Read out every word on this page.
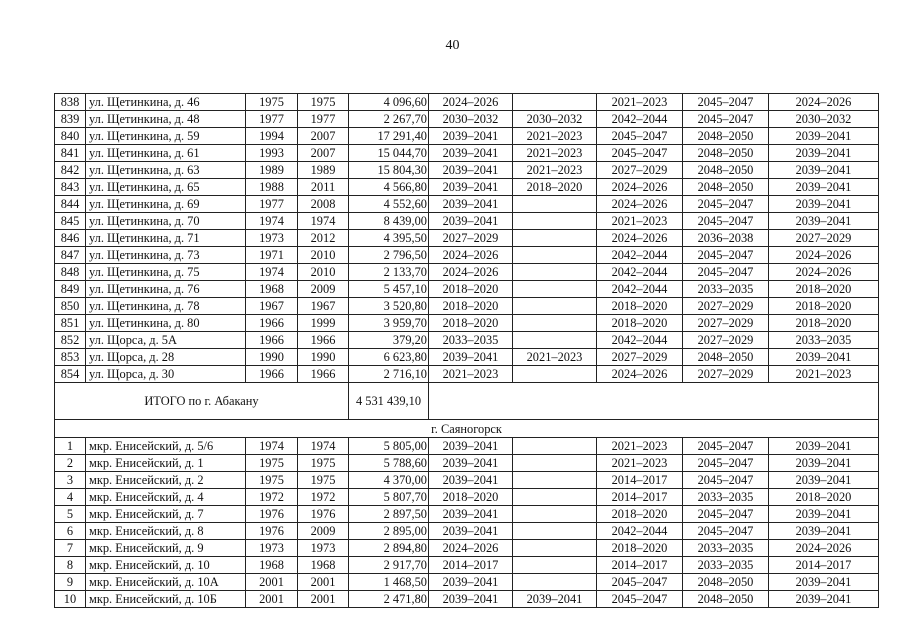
40
838	ул. Щетинкина, д. 46	1975	1975	4 096,60	2024–2026		2021–2023	2045–2047	2024–2026
839	ул. Щетинкина, д. 48	1977	1977	2 267,70	2030–2032	2030–2032	2042–2044	2045–2047	2030–2032
840	ул. Щетинкина, д. 59	1994	2007	17 291,40	2039–2041	2021–2023	2045–2047	2048–2050	2039–2041
841	ул. Щетинкина, д. 61	1993	2007	15 044,70	2039–2041	2021–2023	2045–2047	2048–2050	2039–2041
842	ул. Щетинкина, д. 63	1989	1989	15 804,30	2039–2041	2021–2023	2027–2029	2048–2050	2039–2041
843	ул. Щетинкина, д. 65	1988	2011	4 566,80	2039–2041	2018–2020	2024–2026	2048–2050	2039–2041
844	ул. Щетинкина, д. 69	1977	2008	4 552,60	2039–2041		2024–2026	2045–2047	2039–2041
845	ул. Щетинкина, д. 70	1974	1974	8 439,00	2039–2041		2021–2023	2045–2047	2039–2041
846	ул. Щетинкина, д. 71	1973	2012	4 395,50	2027–2029		2024–2026	2036–2038	2027–2029
847	ул. Щетинкина, д. 73	1971	2010	2 796,50	2024–2026		2042–2044	2045–2047	2024–2026
848	ул. Щетинкина, д. 75	1974	2010	2 133,70	2024–2026		2042–2044	2045–2047	2024–2026
849	ул. Щетинкина, д. 76	1968	2009	5 457,10	2018–2020		2042–2044	2033–2035	2018–2020
850	ул. Щетинкина, д. 78	1967	1967	3 520,80	2018–2020		2018–2020	2027–2029	2018–2020
851	ул. Щетинкина, д. 80	1966	1999	3 959,70	2018–2020		2018–2020	2027–2029	2018–2020
852	ул. Щорса, д. 5А	1966	1966	379,20	2033–2035		2042–2044	2027–2029	2033–2035
853	ул. Щорса, д. 28	1990	1990	6 623,80	2039–2041	2021–2023	2027–2029	2048–2050	2039–2041
854	ул. Щорса, д. 30	1966	1966	2 716,10	2021–2023		2024–2026	2027–2029	2021–2023
ИТОГО по г. Абакану				4 531 439,10					
г. Саяногорск									
1	мкр. Енисейский, д. 5/6	1974	1974	5 805,00	2039–2041		2021–2023	2045–2047	2039–2041
2	мкр. Енисейский, д. 1	1975	1975	5 788,60	2039–2041		2021–2023	2045–2047	2039–2041
3	мкр. Енисейский, д. 2	1975	1975	4 370,00	2039–2041		2014–2017	2045–2047	2039–2041
4	мкр. Енисейский, д. 4	1972	1972	5 807,70	2018–2020		2014–2017	2033–2035	2018–2020
5	мкр. Енисейский, д. 7	1976	1976	2 897,50	2039–2041		2018–2020	2045–2047	2039–2041
6	мкр. Енисейский, д. 8	1976	2009	2 895,00	2039–2041		2042–2044	2045–2047	2039–2041
7	мкр. Енисейский, д. 9	1973	1973	2 894,80	2024–2026		2018–2020	2033–2035	2024–2026
8	мкр. Енисейский, д. 10	1968	1968	2 917,70	2014–2017		2014–2017	2033–2035	2014–2017
9	мкр. Енисейский, д. 10А	2001	2001	1 468,50	2039–2041		2045–2047	2048–2050	2039–2041
10	мкр. Енисейский, д. 10Б	2001	2001	2 471,80	2039–2041	2039–2041	2045–2047	2048–2050	2039–2041
